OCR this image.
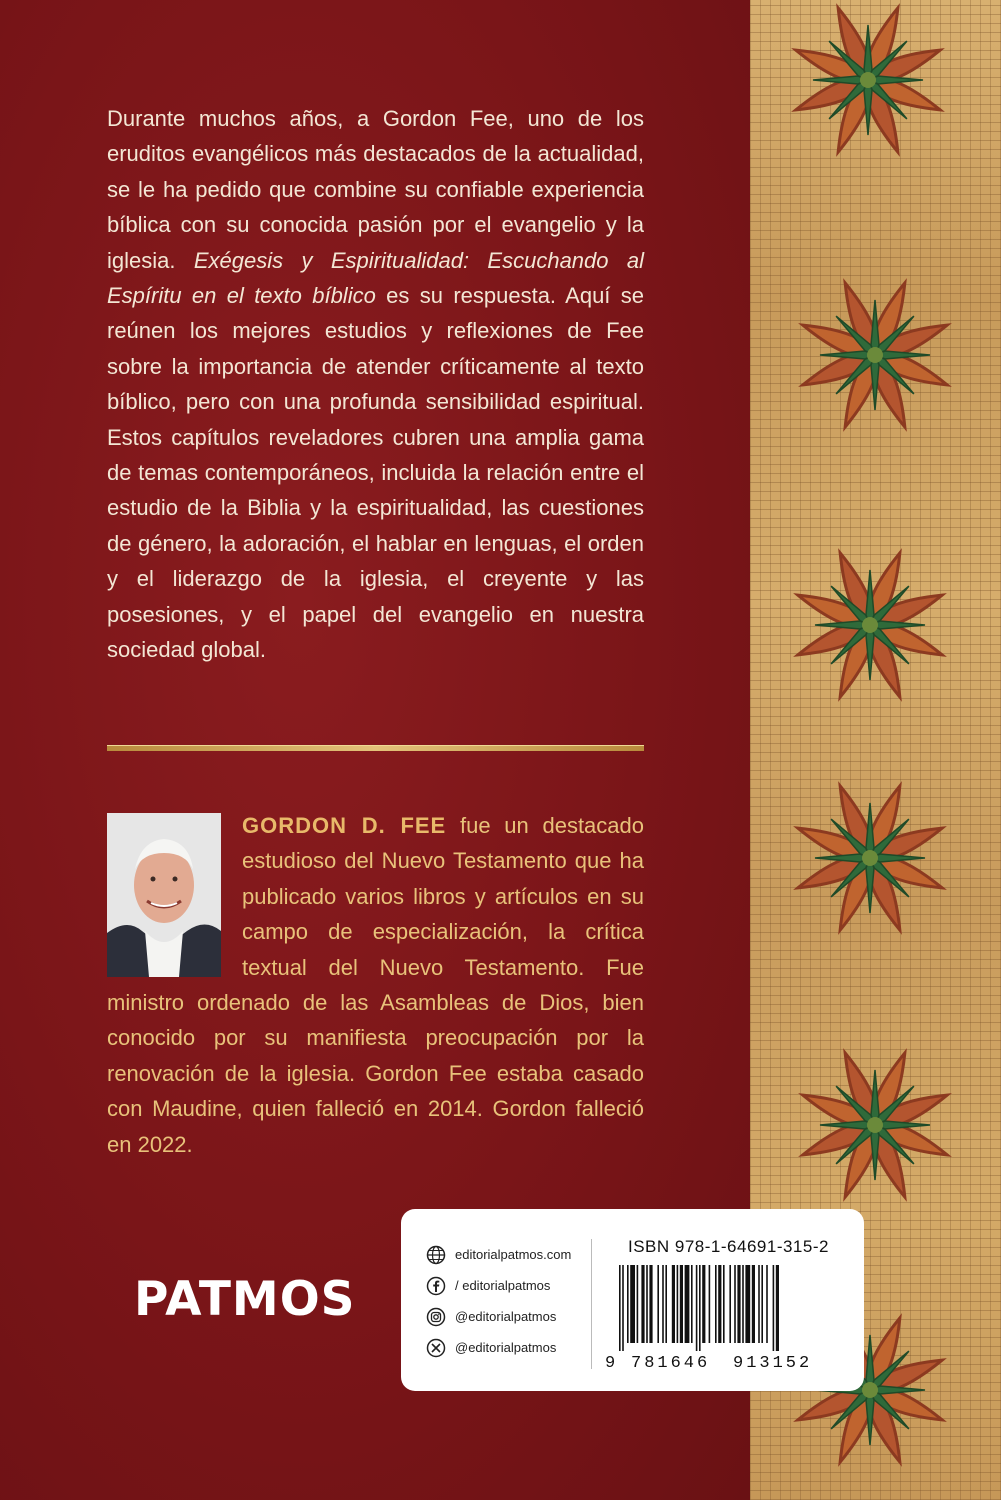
Durante muchos años, a Gordon Fee, uno de los eruditos evangélicos más destacados de la actualidad, se le ha pedido que combine su confiable experiencia bíblica con su conocida pasión por el evangelio y la iglesia. Exégesis y Espiritualidad: Escuchando al Espíritu en el texto bíblico es su respuesta. Aquí se reúnen los mejores estudios y reflexiones de Fee sobre la importancia de atender críticamente al texto bíblico, pero con una profunda sensibilidad espiritual. Estos capítulos reveladores cubren una amplia gama de temas contemporáneos, incluida la relación entre el estudio de la Biblia y la espiritualidad, las cuestiones de género, la adoración, el hablar en lenguas, el orden y el liderazgo de la iglesia, el creyente y las posesiones, y el papel del evangelio en nuestra sociedad global.
GORDON D. FEE fue un destacado estudioso del Nuevo Testamento que ha publicado varios libros y artículos en su campo de especialización, la crítica textual del Nuevo Testamento. Fue ministro ordenado de las Asambleas de Dios, bien conocido por su manifiesta preocupación por la renovación de la iglesia. Gordon Fee estaba casado con Maudine, quien falleció en 2014. Gordon falleció en 2022.
PATMOS
editorialpatmos.com
/ editorialpatmos
@editorialpatmos
@editorialpatmos
ISBN 978-1-64691-315-2
9 781646 913152
